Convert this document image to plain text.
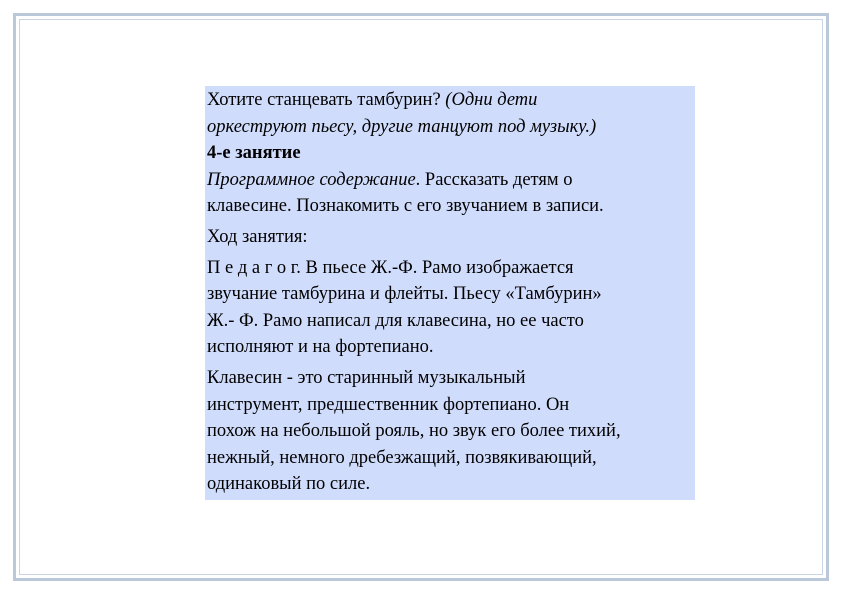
Хотите станцевать тамбурин? (Одни дети
оркеструют пьесу, другие танцуют под музыку.)
4-е занятие
Программное содержание. Рассказать детям о
клавесине. Познакомить с его звучанием в записи.
Ход занятия:
П е д а г о г. В пьесе Ж.-Ф. Рамо изображается
звучание тамбурина и флейты. Пьесу «Тамбурин»
Ж.- Ф. Рамо написал для клавесина, но ее часто
исполняют и на фортепиано.
Клавесин - это старинный музыкальный
инструмент, предшественник фортепиано. Он
похож на небольшой рояль, но звук его более тихий,
нежный, немного дребезжащий, позвякивающий,
одинаковый по силе.
